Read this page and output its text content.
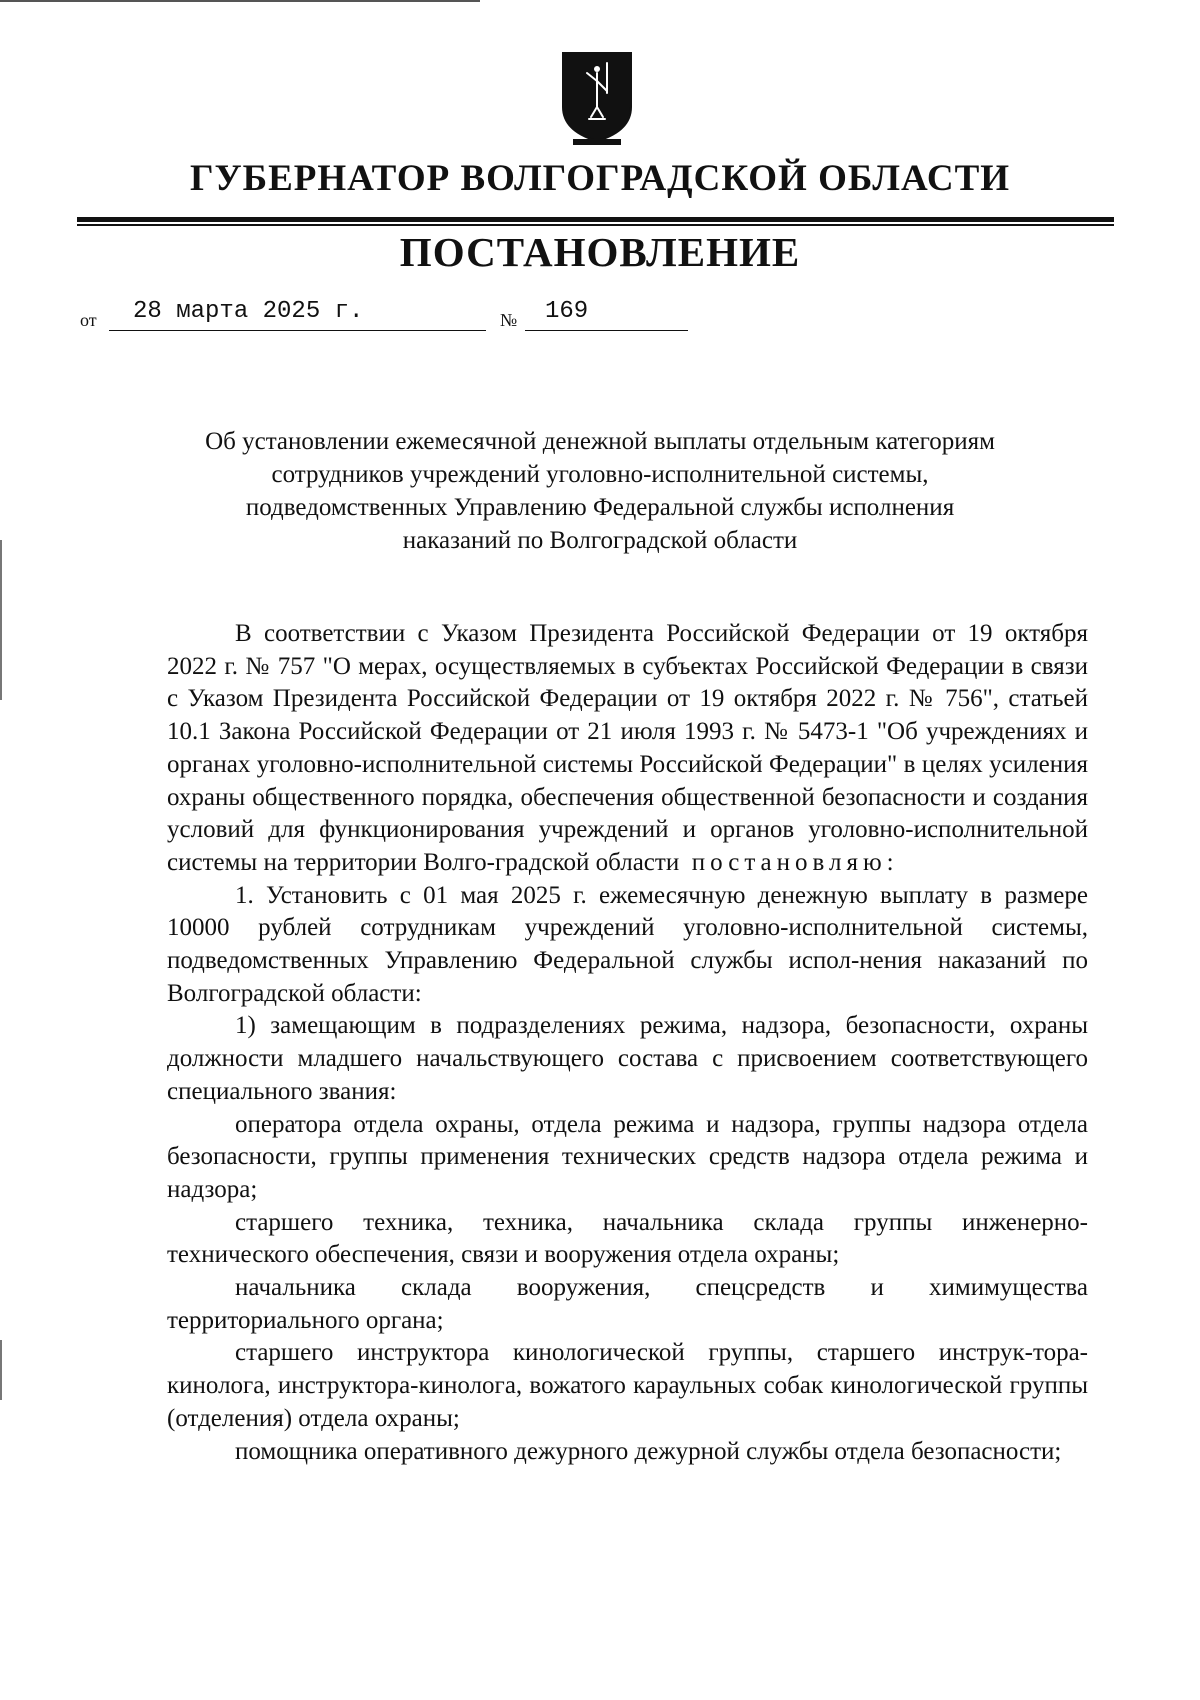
ГУБЕРНАТОР ВОЛГОГРАДСКОЙ ОБЛАСТИ
ПОСТАНОВЛЕНИЕ
от 28 марта 2025 г.	№ 169
Об установлении ежемесячной денежной выплаты отдельным категориям
сотрудников учреждений уголовно-исполнительной системы,
подведомственных Управлению Федеральной службы исполнения
наказаний по Волгоградской области

В соответствии с Указом Президента Российской Федерации от 19 октября 2022 г. № 757 "О мерах, осуществляемых в субъектах Российской Федерации в связи с Указом Президента Российской Федерации от 19 октября 2022 г. № 756", статьей 10.1 Закона Российской Федерации от 21 июля 1993 г. № 5473-1 "Об учреждениях и органах уголовно-исполнительной системы Российской Федерации" в целях усиления охраны общественного порядка, обеспечения общественной безопасности и создания условий для функционирования учреждений и органов уголовно-исполнительной системы на территории Волго-градской области постановляю:

1. Установить с 01 мая 2025 г. ежемесячную денежную выплату в размере 10000 рублей сотрудникам учреждений уголовно-исполнительной системы, подведомственных Управлению Федеральной службы испол-нения наказаний по Волгоградской области:

1) замещающим в подразделениях режима, надзора, безопасности, охраны должности младшего начальствующего состава с присвоением соответствующего специального звания:

оператора отдела охраны, отдела режима и надзора, группы надзора отдела безопасности, группы применения технических средств надзора отдела режима и надзора;

старшего техника, техника, начальника склада группы инженерно-технического обеспечения, связи и вооружения отдела охраны;

начальника склада вооружения, спецсредств и химимущества территориального органа;

старшего инструктора кинологической группы, старшего инструк-тора-кинолога, инструктора-кинолога, вожатого караульных собак кинологической группы (отделения) отдела охраны;

помощника оперативного дежурного дежурной службы отдела безопасности;
